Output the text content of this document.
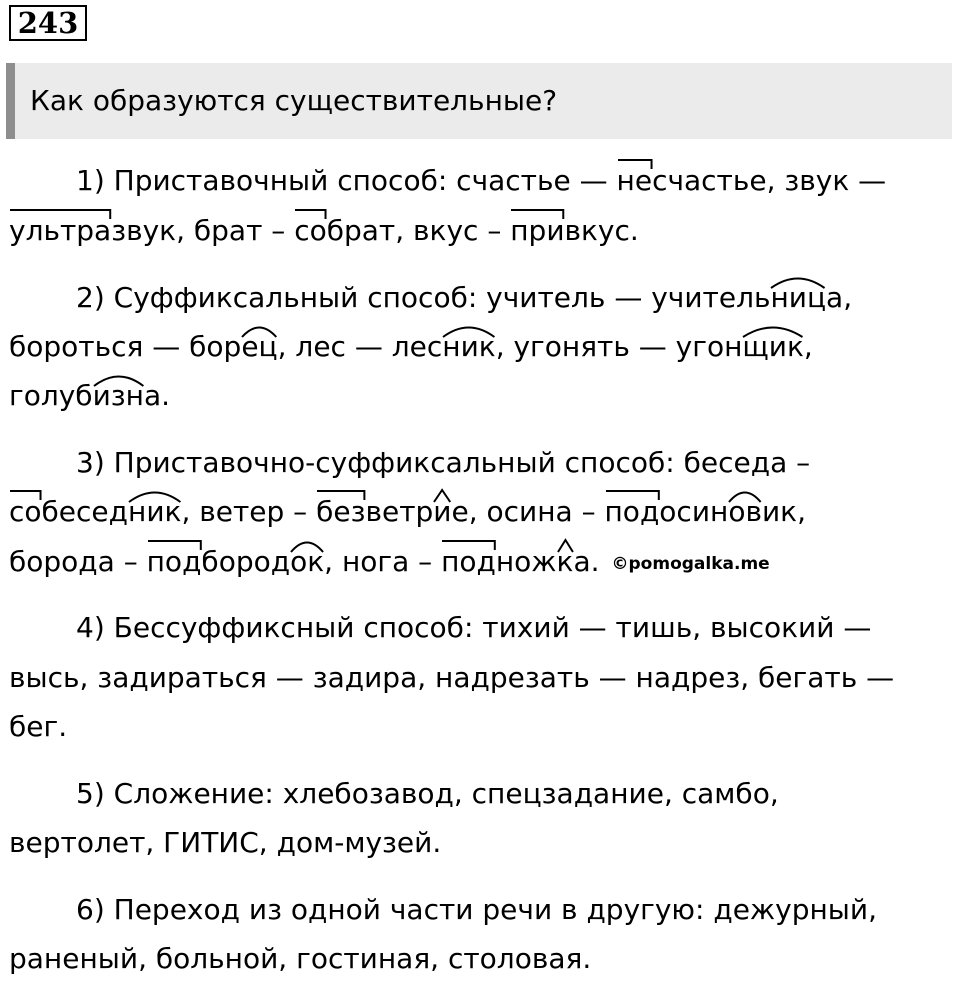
243
Как образуются существительные?
1) Приставочный способ: счастье —
несчастье, звук —
ультразвук, брат –
собрат, вкус –
привкус.
2) Суффиксальный способ: учитель — учитель
ница,
бороться — бор
ец, лес — лес
ник, угонять — угон
щик,
голуб
изна.
3) Приставочно-суффиксальный способ: беседа –
собесед
ник, ветер –
безветр
ие, осина –
подосин
овик,
борода –
подбород
ок, нога –
поднож
ка. ©pomogalka.me
4) Бессуффиксный способ: тихий — тишь, высокий —
высь, задираться — задира, надрезать — надрез, бегать —
бег.
5) Сложение: хлебозавод, спецзадание, самбо,
вертолет, ГИТИС, дом-музей.
6) Переход из одной части речи в другую: дежурный,
раненый, больной, гостиная, столовая.
